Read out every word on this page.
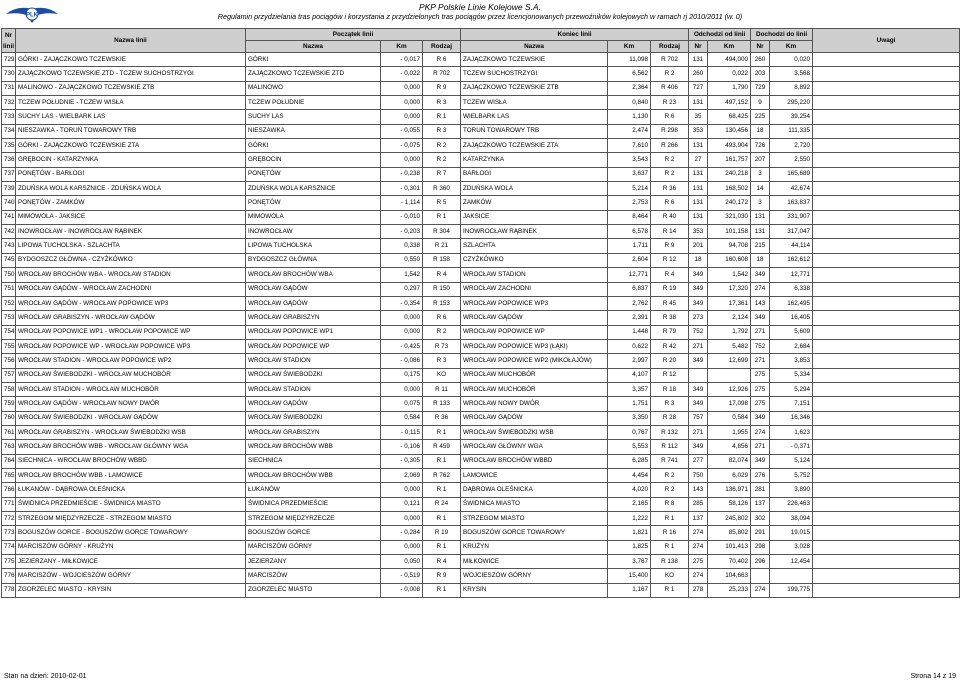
PLK
PKP Polskie Linie Kolejowe S.A.
Regulamin przydzielania tras pociągów i korzystania z przydzielonych tras pociągów przez licencjonowanych przewoźników kolejowych w ramach rj 2010/2011 (w. 0)
Nr linii	Nazwa linii	Początek linii			Koniec linii			Odchodzi od linii		Dochodzi do linii		Uwagi
		Nazwa	Km	Rodzaj	Nazwa	Km	Rodzaj	Nr	Km	Nr	Km	
729	GÓRKI - ZAJĄCZKOWO TCZEWSKIE	GÓRKI	- 0,017	R 6	ZAJĄCZKOWO TCZEWSKIE	11,098	R 702	131	494,000	260	0,020	
730	ZAJĄCZKOWO TCZEWSKIE ZTD - TCZEW SUCHOSTRZYGI	ZAJĄCZKOWO TCZEWSKIE ZTD	- 0,022	R 702	TCZEW SUCHOSTRZYGI	6,562	R 2	260	0,022	203	3,568	
731	MALINOWO - ZAJĄCZKOWO TCZEWSKIE ZTB	MALINOWO	0,000	R 9	ZAJĄCZKOWO TCZEWSKIE ZTB	2,364	R 406	727	1,790	729	8,892	
732	TCZEW POŁUDNIE - TCZEW WISŁA	TCZEW POŁUDNIE	0,000	R 3	TCZEW WISŁA	0,840	R 23	131	497,152	9	295,220	
733	SUCHY LAS - WIELBARK LAS	SUCHY LAS	0,000	R 1	WIELBARK LAS	1,130	R 6	35	68,425	225	39,254	
734	NIESZAWKA - TORUŃ TOWAROWY TRB	NIESZAWKA	- 0,055	R 3	TORUŃ TOWAROWY TRB	2,474	R 298	353	130,456	18	111,335	
735	GÓRKI - ZAJĄCZKOWO TCZEWSKIE ZTA	GÓRKI	- 0,075	R 2	ZAJĄCZKOWO TCZEWSKIE ZTA	7,610	R 266	131	493,904	726	2,720	
736	GRĘBOCIN - KATARZYNKA	GRĘBOCIN	0,000	R 2	KATARZYNKA	3,543	R 2	27	161,757	207	2,550	
737	PONĘTÓW - BARŁOGI	PONĘTÓW	- 0,238	R 7	BARŁOGI	3,637	R 2	131	240,218	3	165,689	
739	ZDUŃSKA WOLA KARSZNICE - ZDUŃSKA WOLA	ZDUŃSKA WOLA KARSZNICE	- 0,301	R 360	ZDUŃSKA WOLA	5,214	R 36	131	168,502	14	42,674	
740	PONĘTÓW - ZAMKÓW	PONĘTÓW	- 1,114	R 5	ZAMKÓW	2,753	R 6	131	240,172	3	163,837	
741	MIMOWOLA - JAKSICE	MIMOWOLA	- 0,010	R 1	JAKSICE	8,464	R 40	131	321,030	131	331,907	
742	INOWROCŁAW - INOWROCŁAW RĄBINEK	INOWROCŁAW	- 0,203	R 304	INOWROCŁAW RĄBINEK	6,578	R 14	353	101,158	131	317,047	
743	LIPOWA TUCHOLSKA - SZLACHTA	LIPOWA TUCHOLSKA	0,338	R 21	SZLACHTA	1,711	R 9	201	94,708	215	44,114	
745	BYDGOSZCZ GŁÓWNA - CZYŻKÓWKO	BYDGOSZCZ GŁÓWNA	0,550	R 158	CZYŻKÓWKO	2,604	R 12	18	160,608	18	162,612	
750	WROCŁAW BROCHÓW WBA - WROCŁAW STADION	WROCŁAW BROCHÓW WBA	1,542	R 4	WROCŁAW STADION	12,771	R 4	349	1,542	349	12,771	
751	WROCŁAW GĄDÓW - WROCŁAW ZACHODNI	WROCŁAW GĄDÓW	0,297	R 150	WROCŁAW ZACHODNI	6,837	R 19	349	17,320	274	6,338	
752	WROCŁAW GĄDÓW - WROCŁAW POPOWICE WP3	WROCŁAW GĄDÓW	- 0,354	R 153	WROCŁAW POPOWICE WP3	2,762	R 45	349	17,361	143	162,495	
753	WROCŁAW GRABISZYN - WROCŁAW GĄDÓW	WROCŁAW GRABISZYN	0,000	R 6	WROCŁAW GĄDÓW	2,391	R 38	273	2,124	349	16,405	
754	WROCŁAW POPOWICE WP1 - WROCŁAW POPOWICE WP	WROCŁAW POPOWICE WP1	0,000	R 2	WROCŁAW POPOWICE WP	1,448	R 79	752	1,792	271	5,609	
755	WROCŁAW POPOWICE WP - WROCŁAW POPOWICE WP3	WROCŁAW POPOWICE WP	- 0,425	R 73	WROCŁAW POPOWICE WP3 (ŁĄKI)	0,622	R 42	271	5,482	752	2,684	
756	WROCŁAW STADION - WROCŁAW POPOWICE WP2	WROCŁAW STADION	- 0,086	R 3	WROCŁAW POPOWICE WP2 (MIKOŁAJÓW)	2,997	R 20	349	12,699	271	3,853	
757	WROCŁAW ŚWIEBODZKI - WROCŁAW MUCHOBÓR	WROCŁAW ŚWIEBODZKI	0,175	KO	WROCŁAW MUCHOBÓR	4,107	R 12			275	5,334	
758	WROCŁAW STADION - WROCŁAW MUCHOBÓR	WROCŁAW STADION	0,000	R 11	WROCŁAW MUCHOBÓR	3,357	R 18	349	12,926	275	5,294	
759	WROCŁAW GĄDÓW - WROCŁAW NOWY DWÓR	WROCŁAW GĄDÓW	0,075	R 133	WROCŁAW NOWY DWÓR	1,751	R 3	349	17,098	275	7,151	
760	WROCŁAW ŚWIEBODZKI - WROCŁAW GĄDÓW	WROCŁAW ŚWIEBODZKI	0,584	R 36	WROCŁAW GĄDÓW	3,350	R 28	757	0,584	349	16,346	
761	WROCŁAW GRABISZYN - WROCŁAW ŚWIEBODZKI WSB	WROCŁAW GRABISZYN	- 0,115	R 1	WROCŁAW ŚWIEBODZKI WSB	0,767	R 132	271	1,955	274	1,623	
763	WROCŁAW BROCHÓW WBB - WROCŁAW GŁÓWNY WGA	WROCŁAW BROCHÓW WBB	- 0,106	R 459	WROCŁAW GŁÓWNY WGA	5,553	R 112	349	4,856	271	- 0,371	
764	SIECHNICA - WROCŁAW BROCHÓW WBBD	SIECHNICA	- 0,305	R 1	WROCŁAW BROCHÓW WBBD	6,285	R 741	277	82,074	349	5,124	
765	WROCŁAW BROCHÓW WBB - LAMOWICE	WROCŁAW BROCHÓW WBB	2,069	R 762	LAMOWICE	4,454	R 2	750	6,029	276	5,752	
766	ŁUKANÓW - DĄBROWA OLEŚNICKA	ŁUKANÓW	0,000	R 1	DĄBROWA OLEŚNICKA	4,020	R 2	143	136,971	281	3,890	
771	ŚWIDNICA PRZEDMIEŚCIE - ŚWIDNICA MIASTO	ŚWIDNICA PRZEDMIEŚCIE	0,121	R 24	ŚWIDNICA MIASTO	2,165	R 8	285	58,126	137	226,463	
772	STRZEGOM MIĘDZYRZECZE - STRZEGOM MIASTO	STRZEGOM MIĘDZYRZECZE	0,000	R 1	STRZEGOM MIASTO	1,222	R 1	137	245,802	302	38,094	
773	BOGUSZÓW GORCE - BOGUSZÓW GORCE TOWAROWY	BOGUSZÓW GORCE	- 0,284	R 19	BOGUSZÓW GORCE TOWAROWY	1,821	R 16	274	85,802	291	19,015	
774	MARCISZÓW GÓRNY - KRUŻYN	MARCISZÓW GÓRNY	0,000	R 1	KRUŻYN	1,825	R 1	274	101,413	298	3,028	
775	JEZIERZANY - MIŁKOWICE	JEZIERZANY	0,050	R 4	MIŁKOWICE	3,767	R 138	275	70,402	296	12,454	
776	MARCISZÓW - WOJCIESZÓW GÓRNY	MARCISZÓW	- 0,519	R 9	WOJCIESZÓW GÓRNY	15,400	KO	274	104,663			
778	ZGORZELEC MIASTO - KRYSIN	ZGORZELEC MIASTO	- 0,008	R 1	KRYSIN	1,167	R 1	278	25,233	274	199,775	
Stan na dzień: 2010-02-01	Strona 14 z 19
